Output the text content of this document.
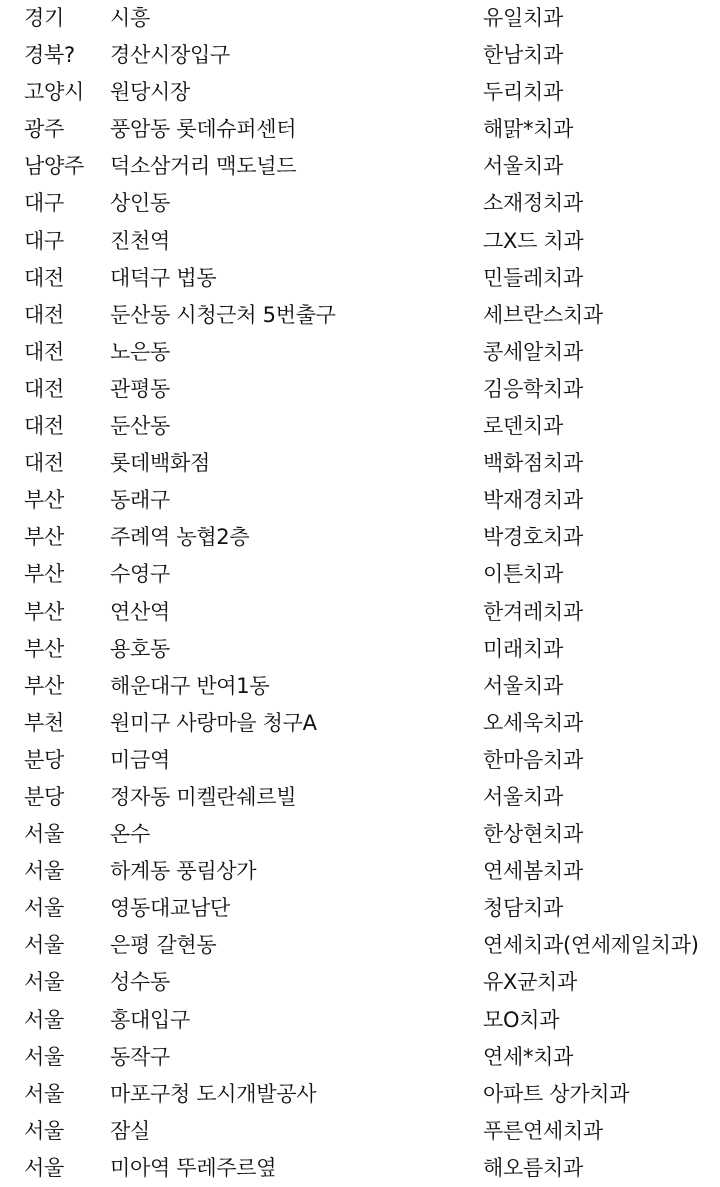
경기 시흥	유일치과
경북? 경산시장입구	한남치과
고양시 원당시장	두리치과
광주 풍암동 롯데슈퍼센터	해맑*치과
남양주 덕소삼거리 맥도널드	서울치과
대구 상인동	소재정치과
대구 진천역	그X드 치과
대전 대덕구 법동	민들레치과
대전 둔산동 시청근처 5번출구	세브란스치과
대전 노은동	콩세알치과
대전 관평동	김응학치과
대전 둔산동	로덴치과
대전 롯데백화점	백화점치과
부산 동래구	박재경치과
부산 주례역 농협2층	박경호치과
부산 수영구	이튼치과
부산 연산역	한겨레치과
부산 용호동	미래치과
부산 해운대구 반여1동	서울치과
부천 원미구 사랑마을 청구A	오세욱치과
분당 미금역	한마음치과
분당 정자동 미켈란쉐르빌	서울치과
서울 온수	한상현치과
서울 하계동 풍림상가	연세봄치과
서울 영동대교남단	청담치과
서울 은평 갈현동	연세치과(연세제일치과)
서울 성수동	유X균치과
서울 홍대입구	모O치과
서울 동작구	연세*치과
서울 마포구청 도시개발공사	아파트 상가치과
서울 잠실	푸른연세치과
서울 미아역 뚜레주르옆	해오름치과
